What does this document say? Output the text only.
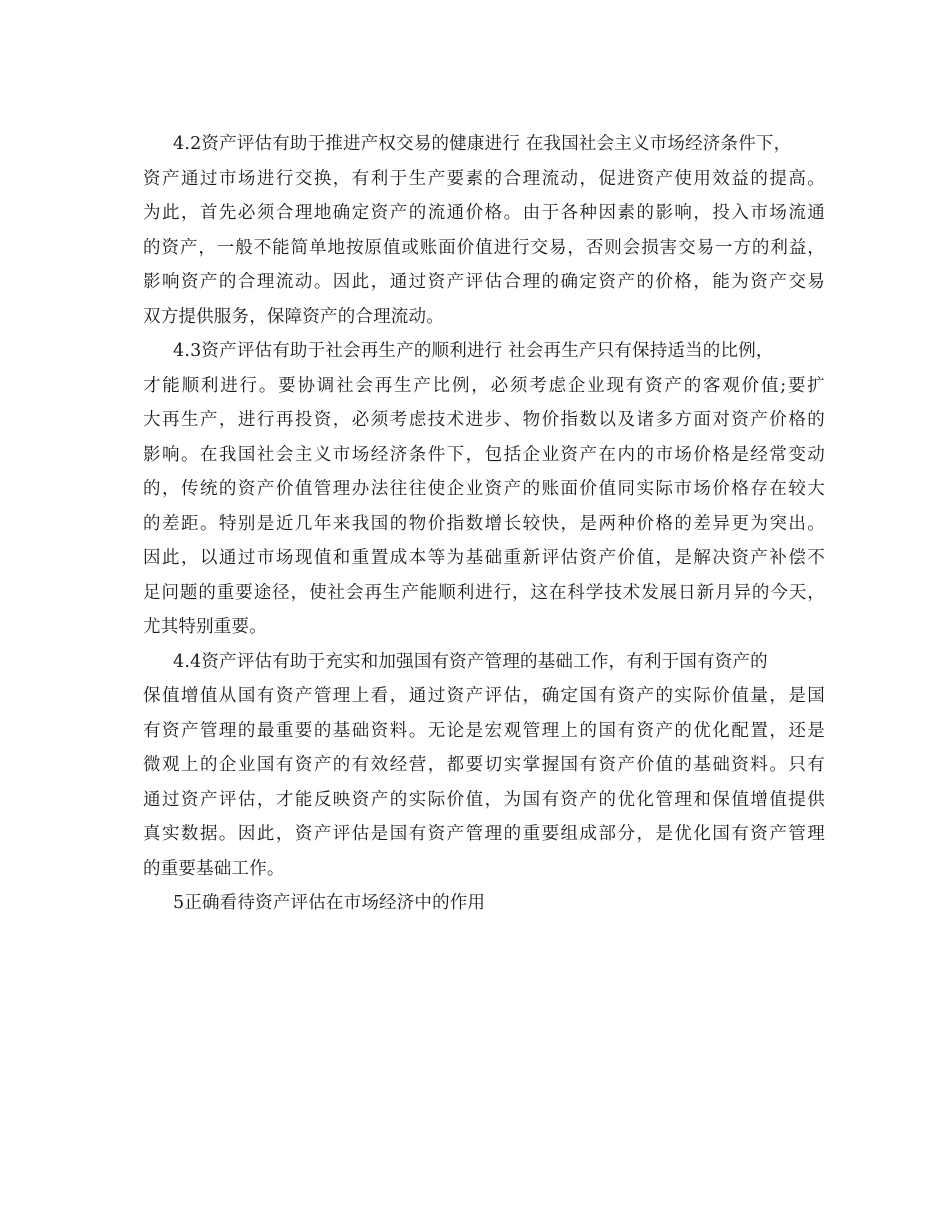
4.2资产评估有助于推进产权交易的健康进行 在我国社会主义市场经济条件下，
资产通过市场进行交换，有利于生产要素的合理流动，促进资产使用效益的提高。
为此，首先必须合理地确定资产的流通价格。由于各种因素的影响，投入市场流通
的资产，一般不能简单地按原值或账面价值进行交易，否则会损害交易一方的利益，
影响资产的合理流动。因此，通过资产评估合理的确定资产的价格，能为资产交易
双方提供服务，保障资产的合理流动。
4.3资产评估有助于社会再生产的顺利进行 社会再生产只有保持适当的比例，
才能顺利进行。要协调社会再生产比例，必须考虑企业现有资产的客观价值;要扩
大再生产，进行再投资，必须考虑技术进步、物价指数以及诸多方面对资产价格的
影响。在我国社会主义市场经济条件下，包括企业资产在内的市场价格是经常变动
的，传统的资产价值管理办法往往使企业资产的账面价值同实际市场价格存在较大
的差距。特别是近几年来我国的物价指数增长较快，是两种价格的差异更为突出。
因此，以通过市场现值和重置成本等为基础重新评估资产价值，是解决资产补偿不
足问题的重要途径，使社会再生产能顺利进行，这在科学技术发展日新月异的今天，
尤其特别重要。
4.4资产评估有助于充实和加强国有资产管理的基础工作，有利于国有资产的
保值增值从国有资产管理上看，通过资产评估，确定国有资产的实际价值量，是国
有资产管理的最重要的基础资料。无论是宏观管理上的国有资产的优化配置，还是
微观上的企业国有资产的有效经营，都要切实掌握国有资产价值的基础资料。只有
通过资产评估，才能反映资产的实际价值，为国有资产的优化管理和保值增值提供
真实数据。因此，资产评估是国有资产管理的重要组成部分，是优化国有资产管理
的重要基础工作。
5正确看待资产评估在市场经济中的作用
